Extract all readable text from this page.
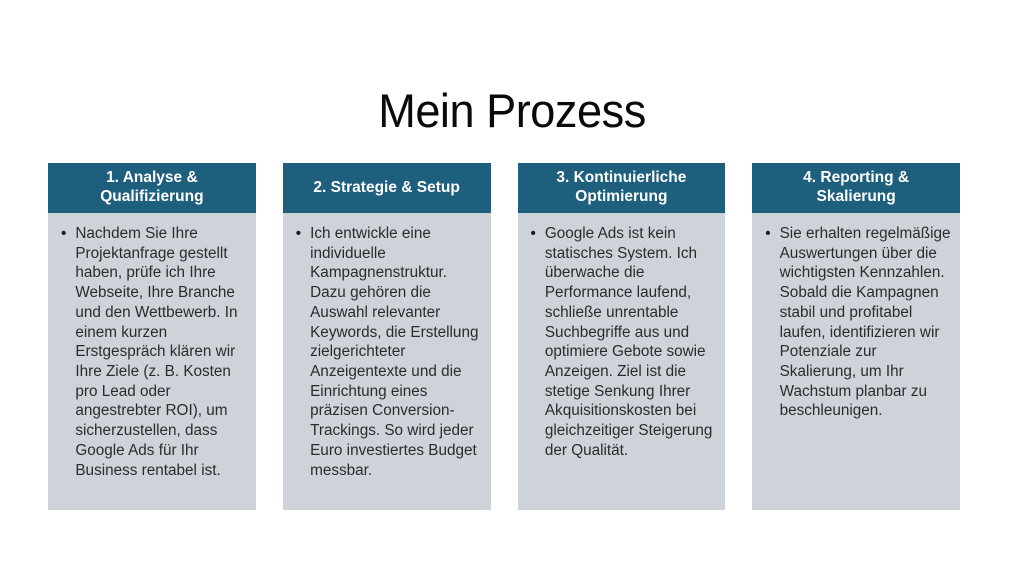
Mein Prozess
1. Analyse & Qualifizierung
• Nachdem Sie Ihre Projektanfrage gestellt haben, prüfe ich Ihre Webseite, Ihre Branche und den Wettbewerb. In einem kurzen Erstgespräch klären wir Ihre Ziele (z. B. Kosten pro Lead oder angestrebter ROI), um sicherzustellen, dass Google Ads für Ihr Business rentabel ist.
2. Strategie & Setup
• Ich entwickle eine individuelle Kampagnenstruktur. Dazu gehören die Auswahl relevanter Keywords, die Erstellung zielgerichteter Anzeigentexte und die Einrichtung eines präzisen Conversion-Trackings. So wird jeder Euro investiertes Budget messbar.
3. Kontinuierliche Optimierung
• Google Ads ist kein statisches System. Ich überwache die Performance laufend, schließe unrentable Suchbegriffe aus und optimiere Gebote sowie Anzeigen. Ziel ist die stetige Senkung Ihrer Akquisitionskosten bei gleichzeitiger Steigerung der Qualität.
4. Reporting & Skalierung
• Sie erhalten regelmäßige Auswertungen über die wichtigsten Kennzahlen. Sobald die Kampagnen stabil und profitabel laufen, identifizieren wir Potenziale zur Skalierung, um Ihr Wachstum planbar zu beschleunigen.
